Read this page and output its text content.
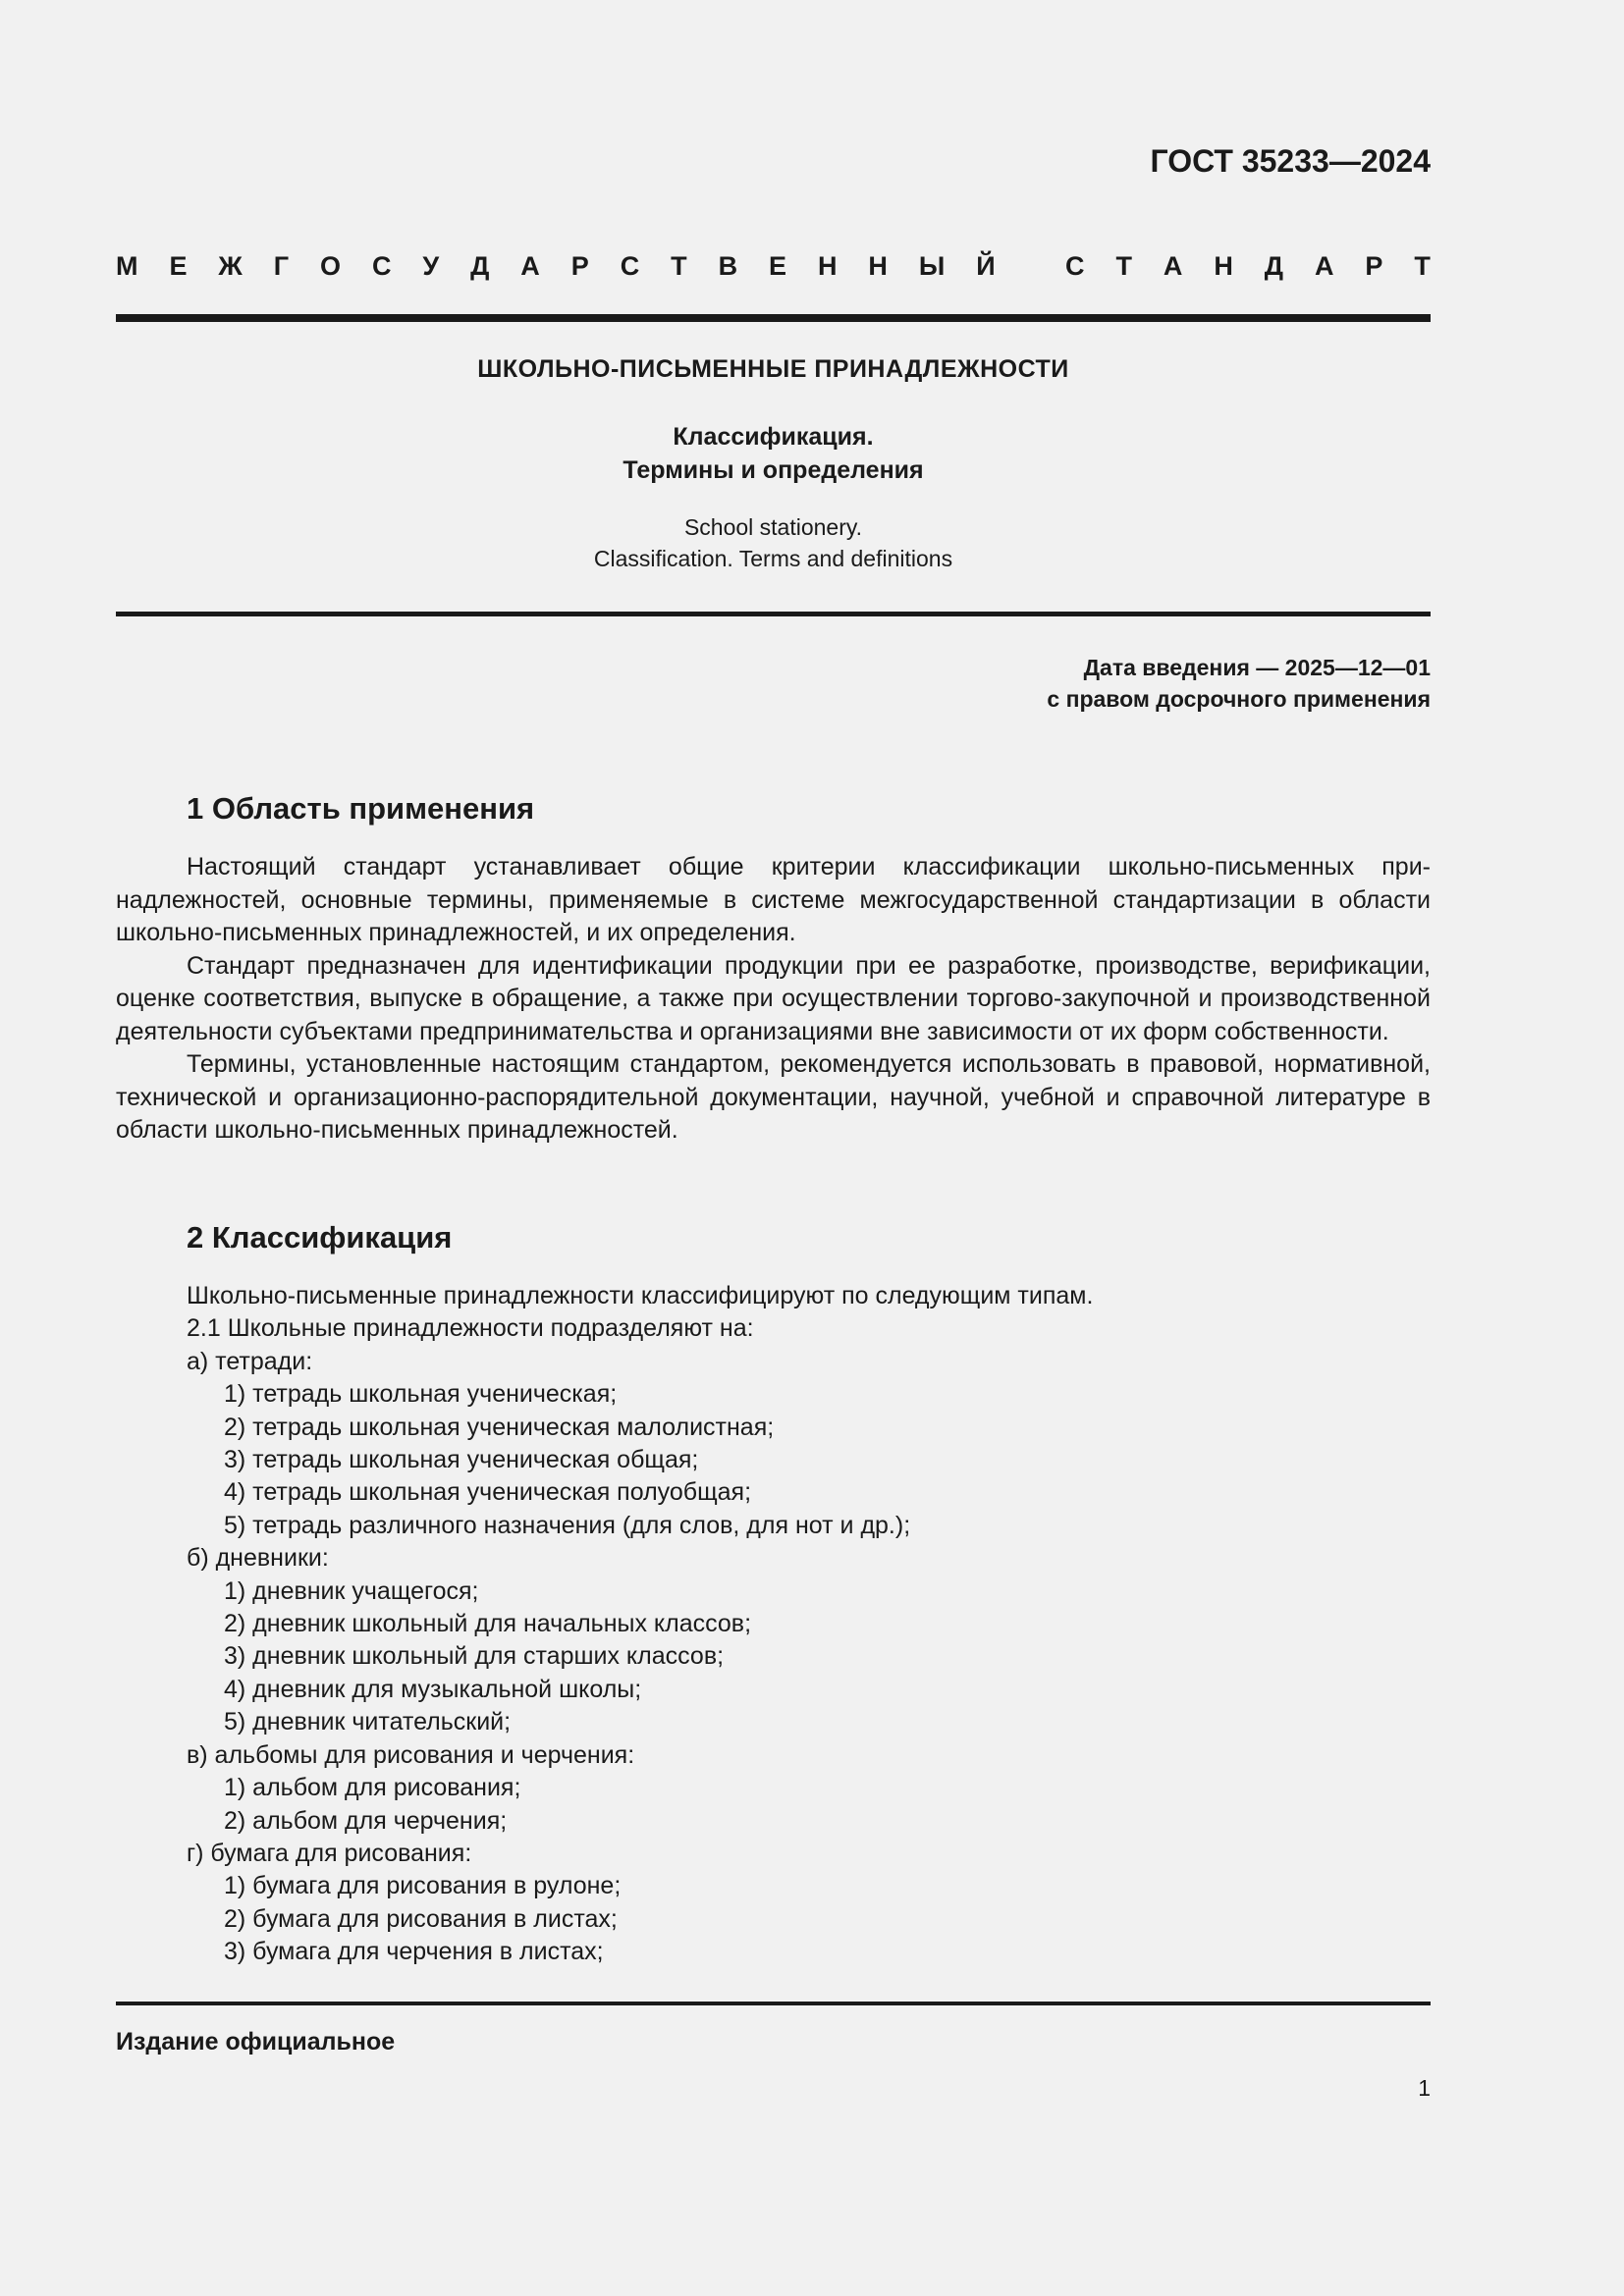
ГОСТ 35233—2024
М Е Ж Г О С У Д А Р С Т В Е Н Н Ы Й
	С Т А Н Д А Р Т
ШКОЛЬНО-ПИСЬМЕННЫЕ ПРИНАДЛЕЖНОСТИ
Классификация.
Термины и определения
School stationery.
Classification. Terms and definitions
Дата введения — 2025—12—01
с правом досрочного применения
1 Область применения

Настоящий стандарт устанавливает общие критерии классификации школьно-письменных принадлежностей, основные термины, применяемые в системе межгосударственной стандартизации в области школьно-письменных принадлежностей, и их определения.

Стандарт предназначен для идентификации продукции при ее разработке, производстве, верификации, оценке соответствия, выпуске в обращение, а также при осуществлении торгово-закупочной и производственной деятельности субъектами предпринимательства и организациями вне зависимости от их форм собственности.

Термины, установленные настоящим стандартом, рекомендуется использовать в правовой, нормативной, технической и организационно-распорядительной документации, научной, учебной и справочной литературе в области школьно-письменных принадлежностей.

2 Классификация
Школьно-письменные принадлежности классифицируют по следующим типам.
2.1 Школьные принадлежности подразделяют на:
а) тетради:
1) тетрадь школьная ученическая;
2) тетрадь школьная ученическая малолистная;
3) тетрадь школьная ученическая общая;
4) тетрадь школьная ученическая полуобщая;
5) тетрадь различного назначения (для слов, для нот и др.);
б) дневники:
1) дневник учащегося;
2) дневник школьный для начальных классов;
3) дневник школьный для старших классов;
4) дневник для музыкальной школы;
5) дневник читательский;
в) альбомы для рисования и черчения:
1) альбом для рисования;
2) альбом для черчения;
г) бумага для рисования:
1) бумага для рисования в рулоне;
2) бумага для рисования в листах;
3) бумага для черчения в листах;
Издание официальное
1
